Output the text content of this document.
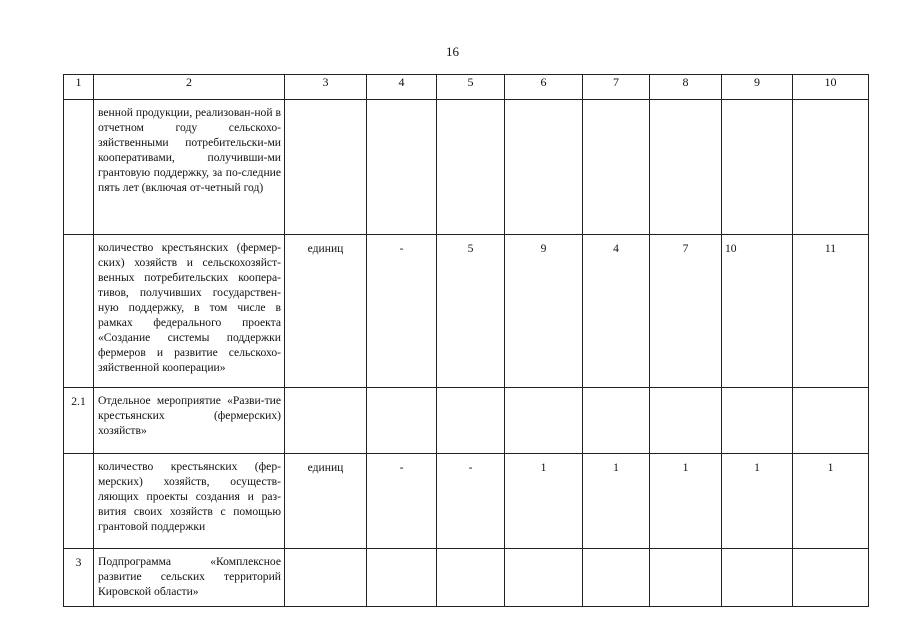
16
1	2	3	4	5	6	7	8	9	10
	венной продукции, реализован-ной в отчетном году сельскохо-зяйственными потребительски-ми кооперативами, получивши-ми грантовую поддержку, за по-следние пять лет (включая от-четный год)								
	количество крестьянских (фермер-ских) хозяйств и сельскохозяйст-венных потребительских коопера-тивов, получивших государствен-ную поддержку, в том числе в рамках федерального проекта «Создание системы поддержки фермеров и развитие сельскохо-зяйственной кооперации»	единиц	-	5	9	4	7	10	11
2.1	Отдельное мероприятие «Разви-тие крестьянских (фермерских) хозяйств»								
	количество крестьянских (фер-мерских) хозяйств, осуществ-ляющих проекты создания и раз-вития своих хозяйств с помощью грантовой поддержки	единиц	-	-	1	1	1	1	1
3	Подпрограмма «Комплексное развитие сельских территорий Кировской области»								
